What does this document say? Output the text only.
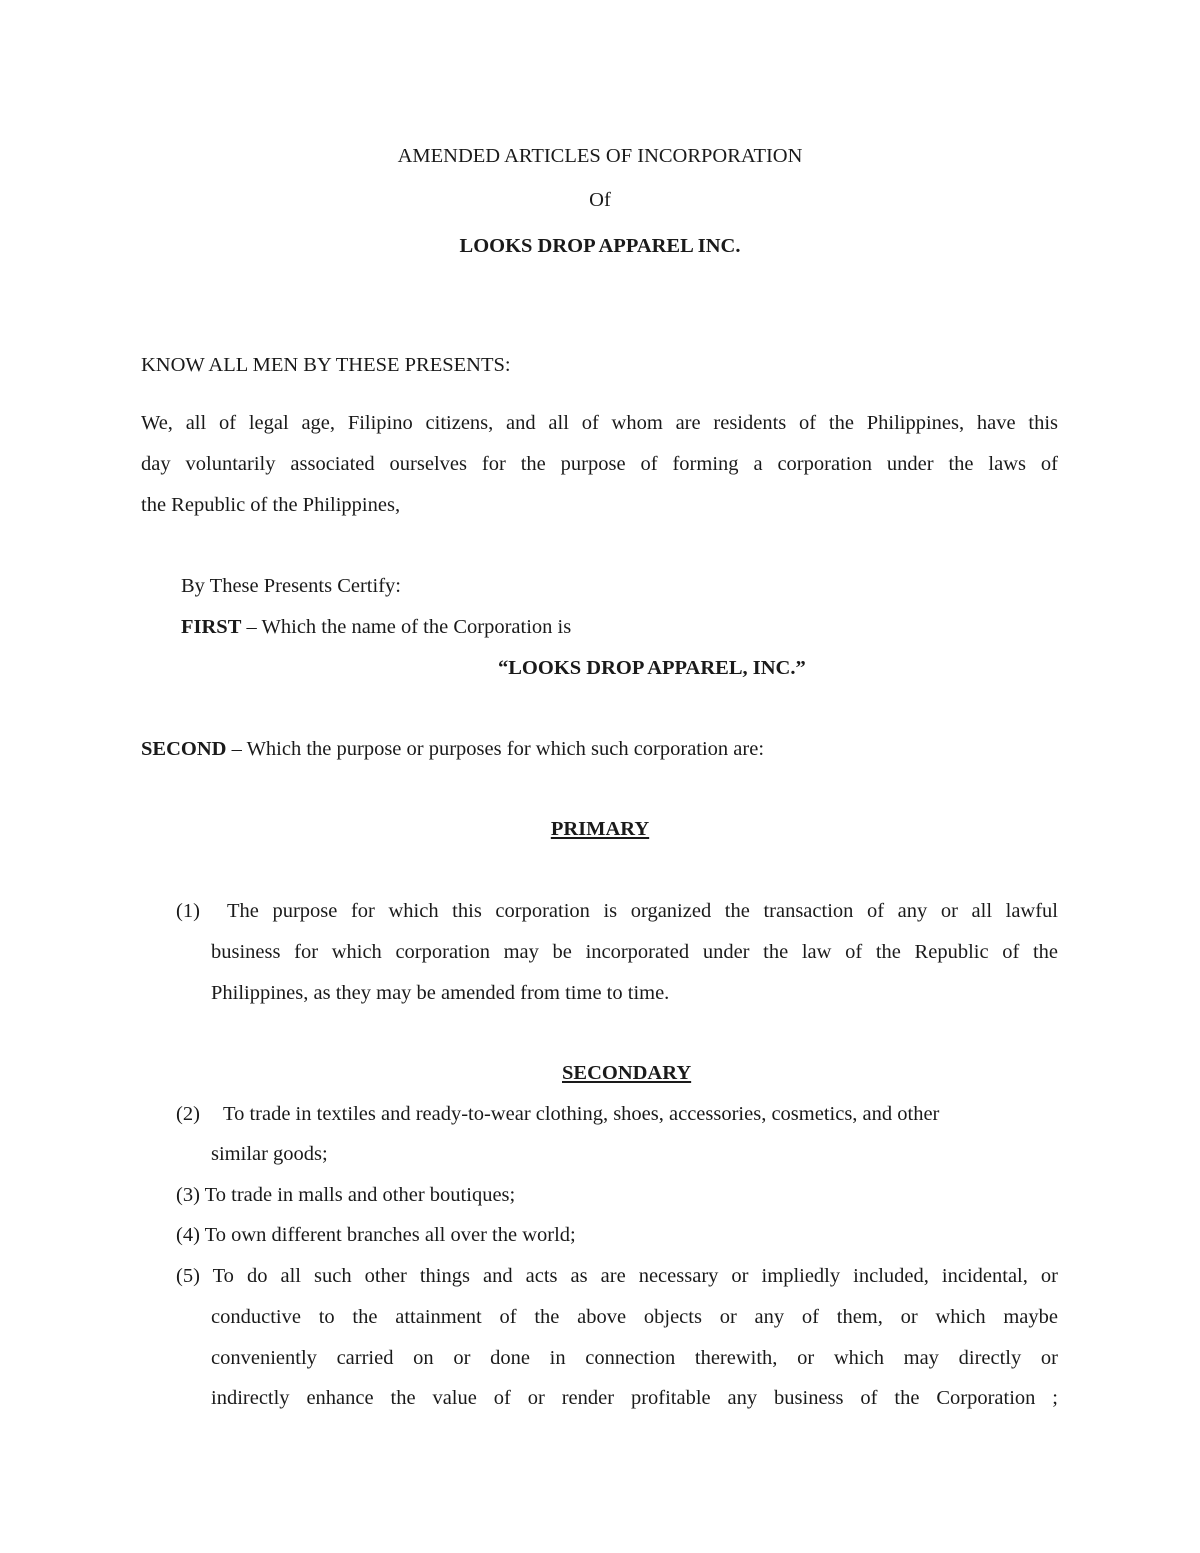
AMENDED ARTICLES OF INCORPORATION
Of
LOOKS DROP APPAREL INC.
KNOW ALL MEN BY THESE PRESENTS:
We, all of legal age, Filipino citizens, and all of whom are residents of the Philippines, have this
day voluntarily associated ourselves for the purpose of forming a corporation under the laws of
the Republic of the Philippines,
By These Presents Certify:
FIRST – Which the name of the Corporation is
“LOOKS DROP APPAREL, INC.”
SECOND – Which the purpose or purposes for which such corporation are:
PRIMARY
(1) The purpose for which this corporation is organized the transaction of any or all lawful
business for which corporation may be incorporated under the law of the Republic of the
Philippines, as they may be amended from time to time.
SECONDARY
(2) To trade in textiles and ready-to-wear clothing, shoes, accessories, cosmetics, and other
similar goods;
(3) To trade in malls and other boutiques;
(4) To own different branches all over the world;
(5) To do all such other things and acts as are necessary or impliedly included, incidental, or
conductive to the attainment of the above objects or any of them, or which maybe
conveniently carried on or done in connection therewith, or which may directly or
indirectly enhance the value of or render profitable any business of the Corporation ;
